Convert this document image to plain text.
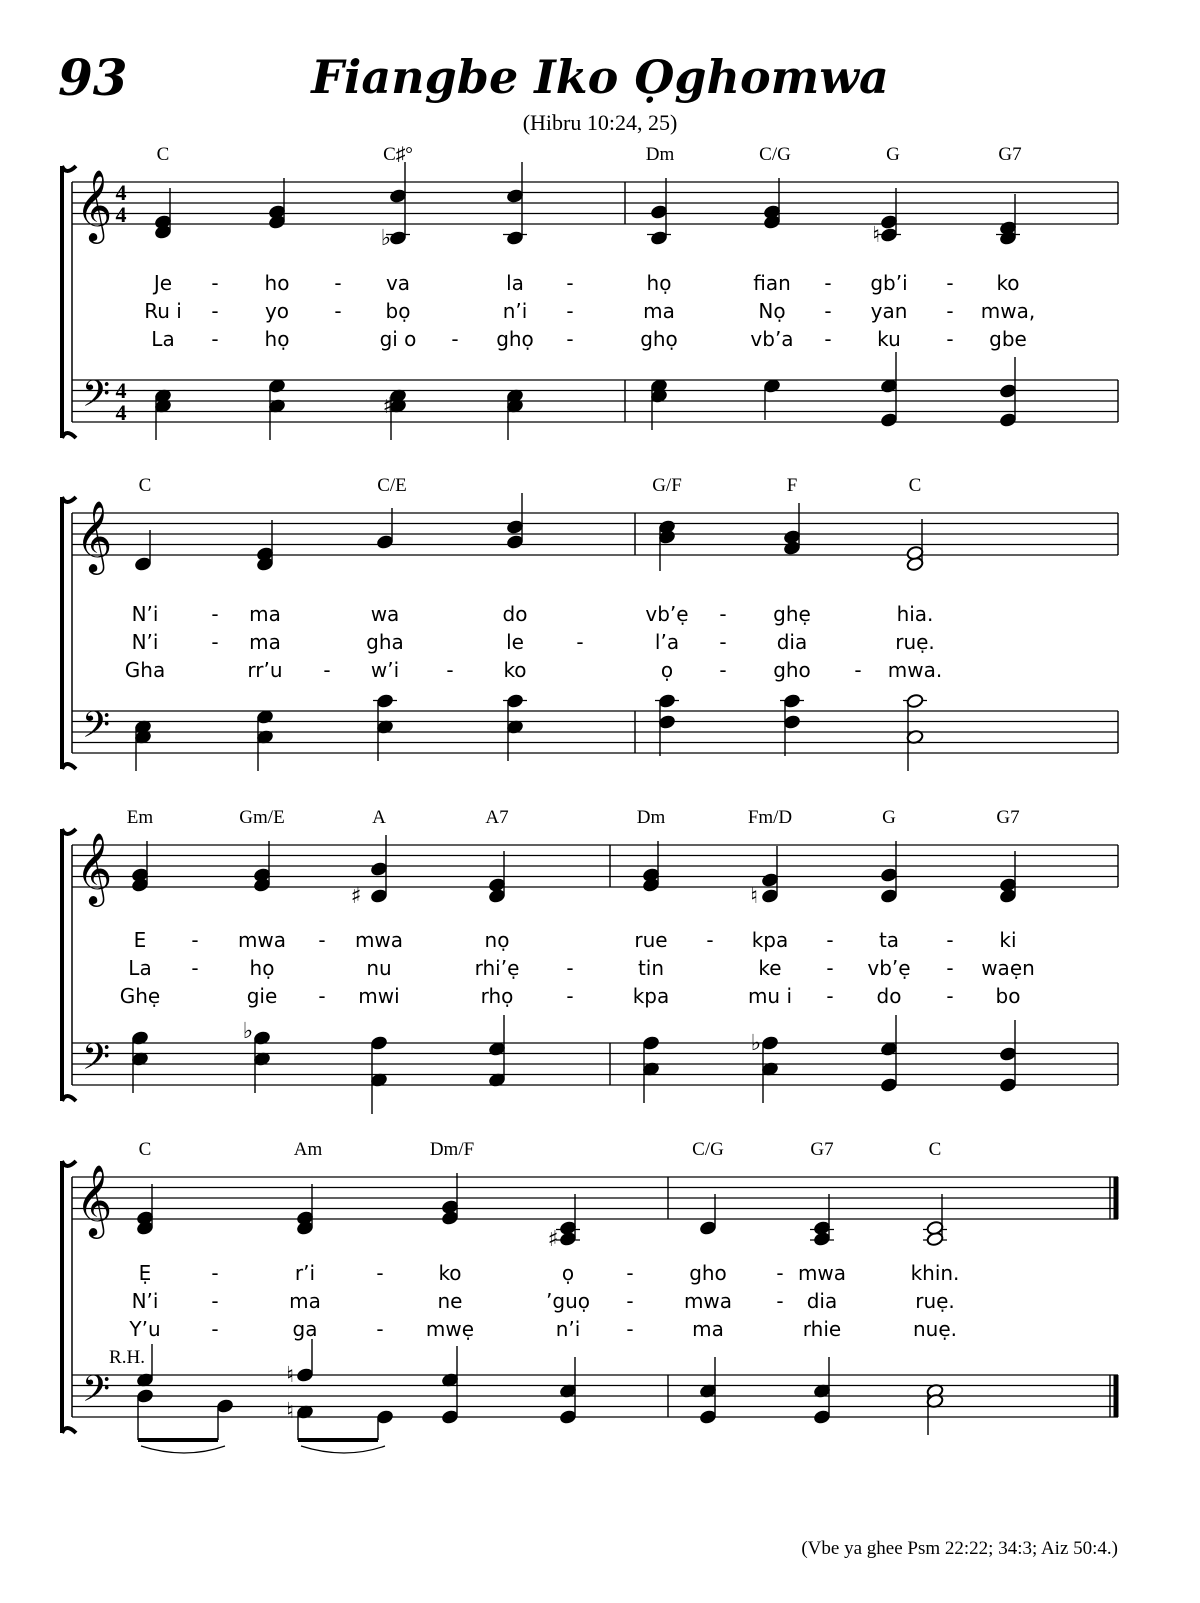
93	Fiangbe Iko Ọghomwa
(Hibru 10:24, 25)
(Vbe ya ghee Psm 22:22; 34:3; Aiz 50:4.)
𝄞
𝄢
4
4
4
4
♭
♯
♮
C	C♯°	Dm	C/G	G	G7
Je - ho - va	la -	họ	fian - gb’i - ko
Ru i - yo - bọ	n’i -	ma	Nọ - yan - mwa,
La - họ	gi o - ghọ -	ghọ	vb’a - ku - gbe
𝄞
𝄢
C	C/E	G/F	F	C
N’i	- ma	wa	do	vb’ẹ - ghẹ	hia.
N’i	- ma	gha	le	-	l’a -	dia	ruẹ.
Gha	rr’u - w’i - ko	ọ - gho - mwa.
𝄞
𝄢
♯	♮
♭	♭
Em	Gm/E	A	A7	Dm	Fm/D	G	G7
E - mwa - mwa	nọ	rue - kpa - ta - ki
La -	họ	nu	rhi’ẹ -	tin	ke - vb’ẹ - waẹn
Ghẹ	gie - mwi	rhọ	-	kpa	mu i - do - bo
𝄞
𝄢
♯
C	Am	Dm/F	C/G	G7	C
Ẹ	-	r’i	-	ko	ọ	-	gho - mwa	khin.
N’i	-	ma	ne	’guọ -	mwa - dia	ruẹ.
Y’u	-	ga	- mwẹ	n’i -	ma	rhie	nuẹ.
R.H.
♮
♮
